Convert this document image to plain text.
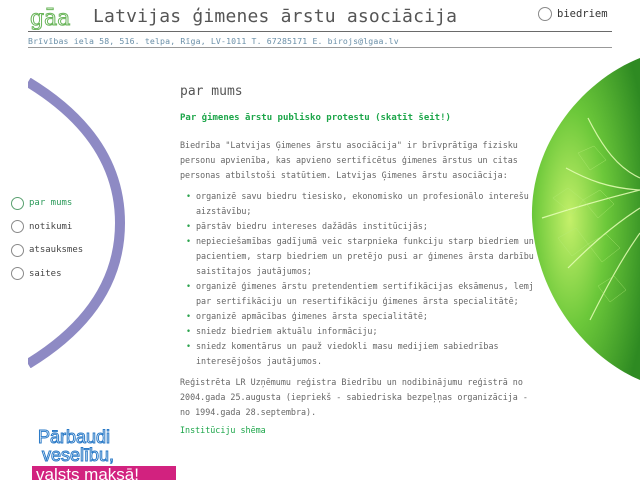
gāa Latvijas ģimenes ārstu asociācija	biedriem
Brīvības iela 58, 516. telpa, Rīga, LV-1011 T. 67285171 E. birojs@lgaa.lv
par mums
notikumi
atsauksmes
saites
par mums
Par ģimenes ārstu publisko protestu (skatīt šeit!)

Biedrība "Latvijas Ģimenes ārstu asociācija" ir brīvprātīga fizisku personu apvienība, kas apvieno sertificētus ģimenes ārstus un citas personas atbilstoši statūtiem. Latvijas Ģimenes ārstu asociācija:

• organizē savu biedru tiesisko, ekonomisko un profesionālo interešu aizstāvību;
• pārstāv biedru intereses dažādās institūcijās;
• nepieciešamības gadījumā veic starpnieka funkciju starp biedriem un pacientiem, starp biedriem un pretējo pusi ar ģimenes ārsta darbību saistītajos jautājumos;
• organizē ģimenes ārstu pretendentiem sertifikācijas eksāmenus, lemj par sertifikāciju un resertifikāciju ģimenes ārsta specialitātē;
• organizē apmācības ģimenes ārsta specialitātē;
• sniedz biedriem aktuālu informāciju;
• sniedz komentārus un pauž viedokli masu medijiem sabiedrības interesējošos jautājumos.

Reģistrēta LR Uzņēmumu reģistra Biedrību un nodibinājumu reģistrā no 2004.gada 25.augusta (iepriekš - sabiedriska bezpeļņas organizācija - no 1994.gada 28.septembra).

Institūciju shēma
Pārbaudi
veselību,
valsts maksā!
